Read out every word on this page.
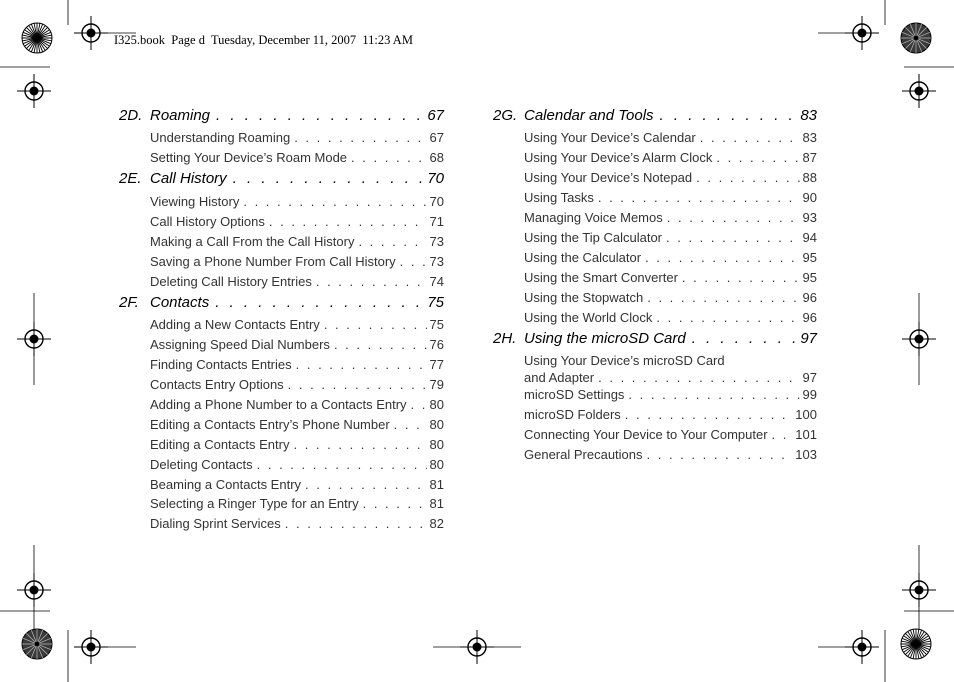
I325.book  Page d  Tuesday, December 11, 2007  11:23 AM
2D. Roaming . . .	67
Understanding Roaming . . .	67
Setting Your Device’s Roam Mode . . .	68
2E. Call History . . .	70
Viewing History . . .	70
Call History Options . . .	71
Making a Call From the Call History . . .	73
Saving a Phone Number From Call History . . .	73
Deleting Call History Entries . . .	74
2F. Contacts . . .	75
Adding a New Contacts Entry . . .	75
Assigning Speed Dial Numbers . . .	76
Finding Contacts Entries . . .	77
Contacts Entry Options . . .	79
Adding a Phone Number to a Contacts Entry . . . 80
Editing a Contacts Entry’s Phone Number . . .	80
Editing a Contacts Entry . . .	80
Deleting Contacts . . .	80
Beaming a Contacts Entry . . .	81
Selecting a Ringer Type for an Entry . . .	81
Dialing Sprint Services . . .	82
2G. Calendar and Tools . . .	83
Using Your Device’s Calendar . . .	83
Using Your Device’s Alarm Clock . . .	87
Using Your Device’s Notepad . . .	88
Using Tasks . . .	90
Managing Voice Memos . . .	93
Using the Tip Calculator . . .	94
Using the Calculator . . .	95
Using the Smart Converter . . .	95
Using the Stopwatch . . .	96
Using the World Clock . . .	96
2H. Using the microSD Card . . .	97
Using Your Device’s microSD Card
and Adapter . . .	97
microSD Settings . . .	99
microSD Folders . . .	100
Connecting Your Device to Your Computer . . . 101
General Precautions . . .	103
